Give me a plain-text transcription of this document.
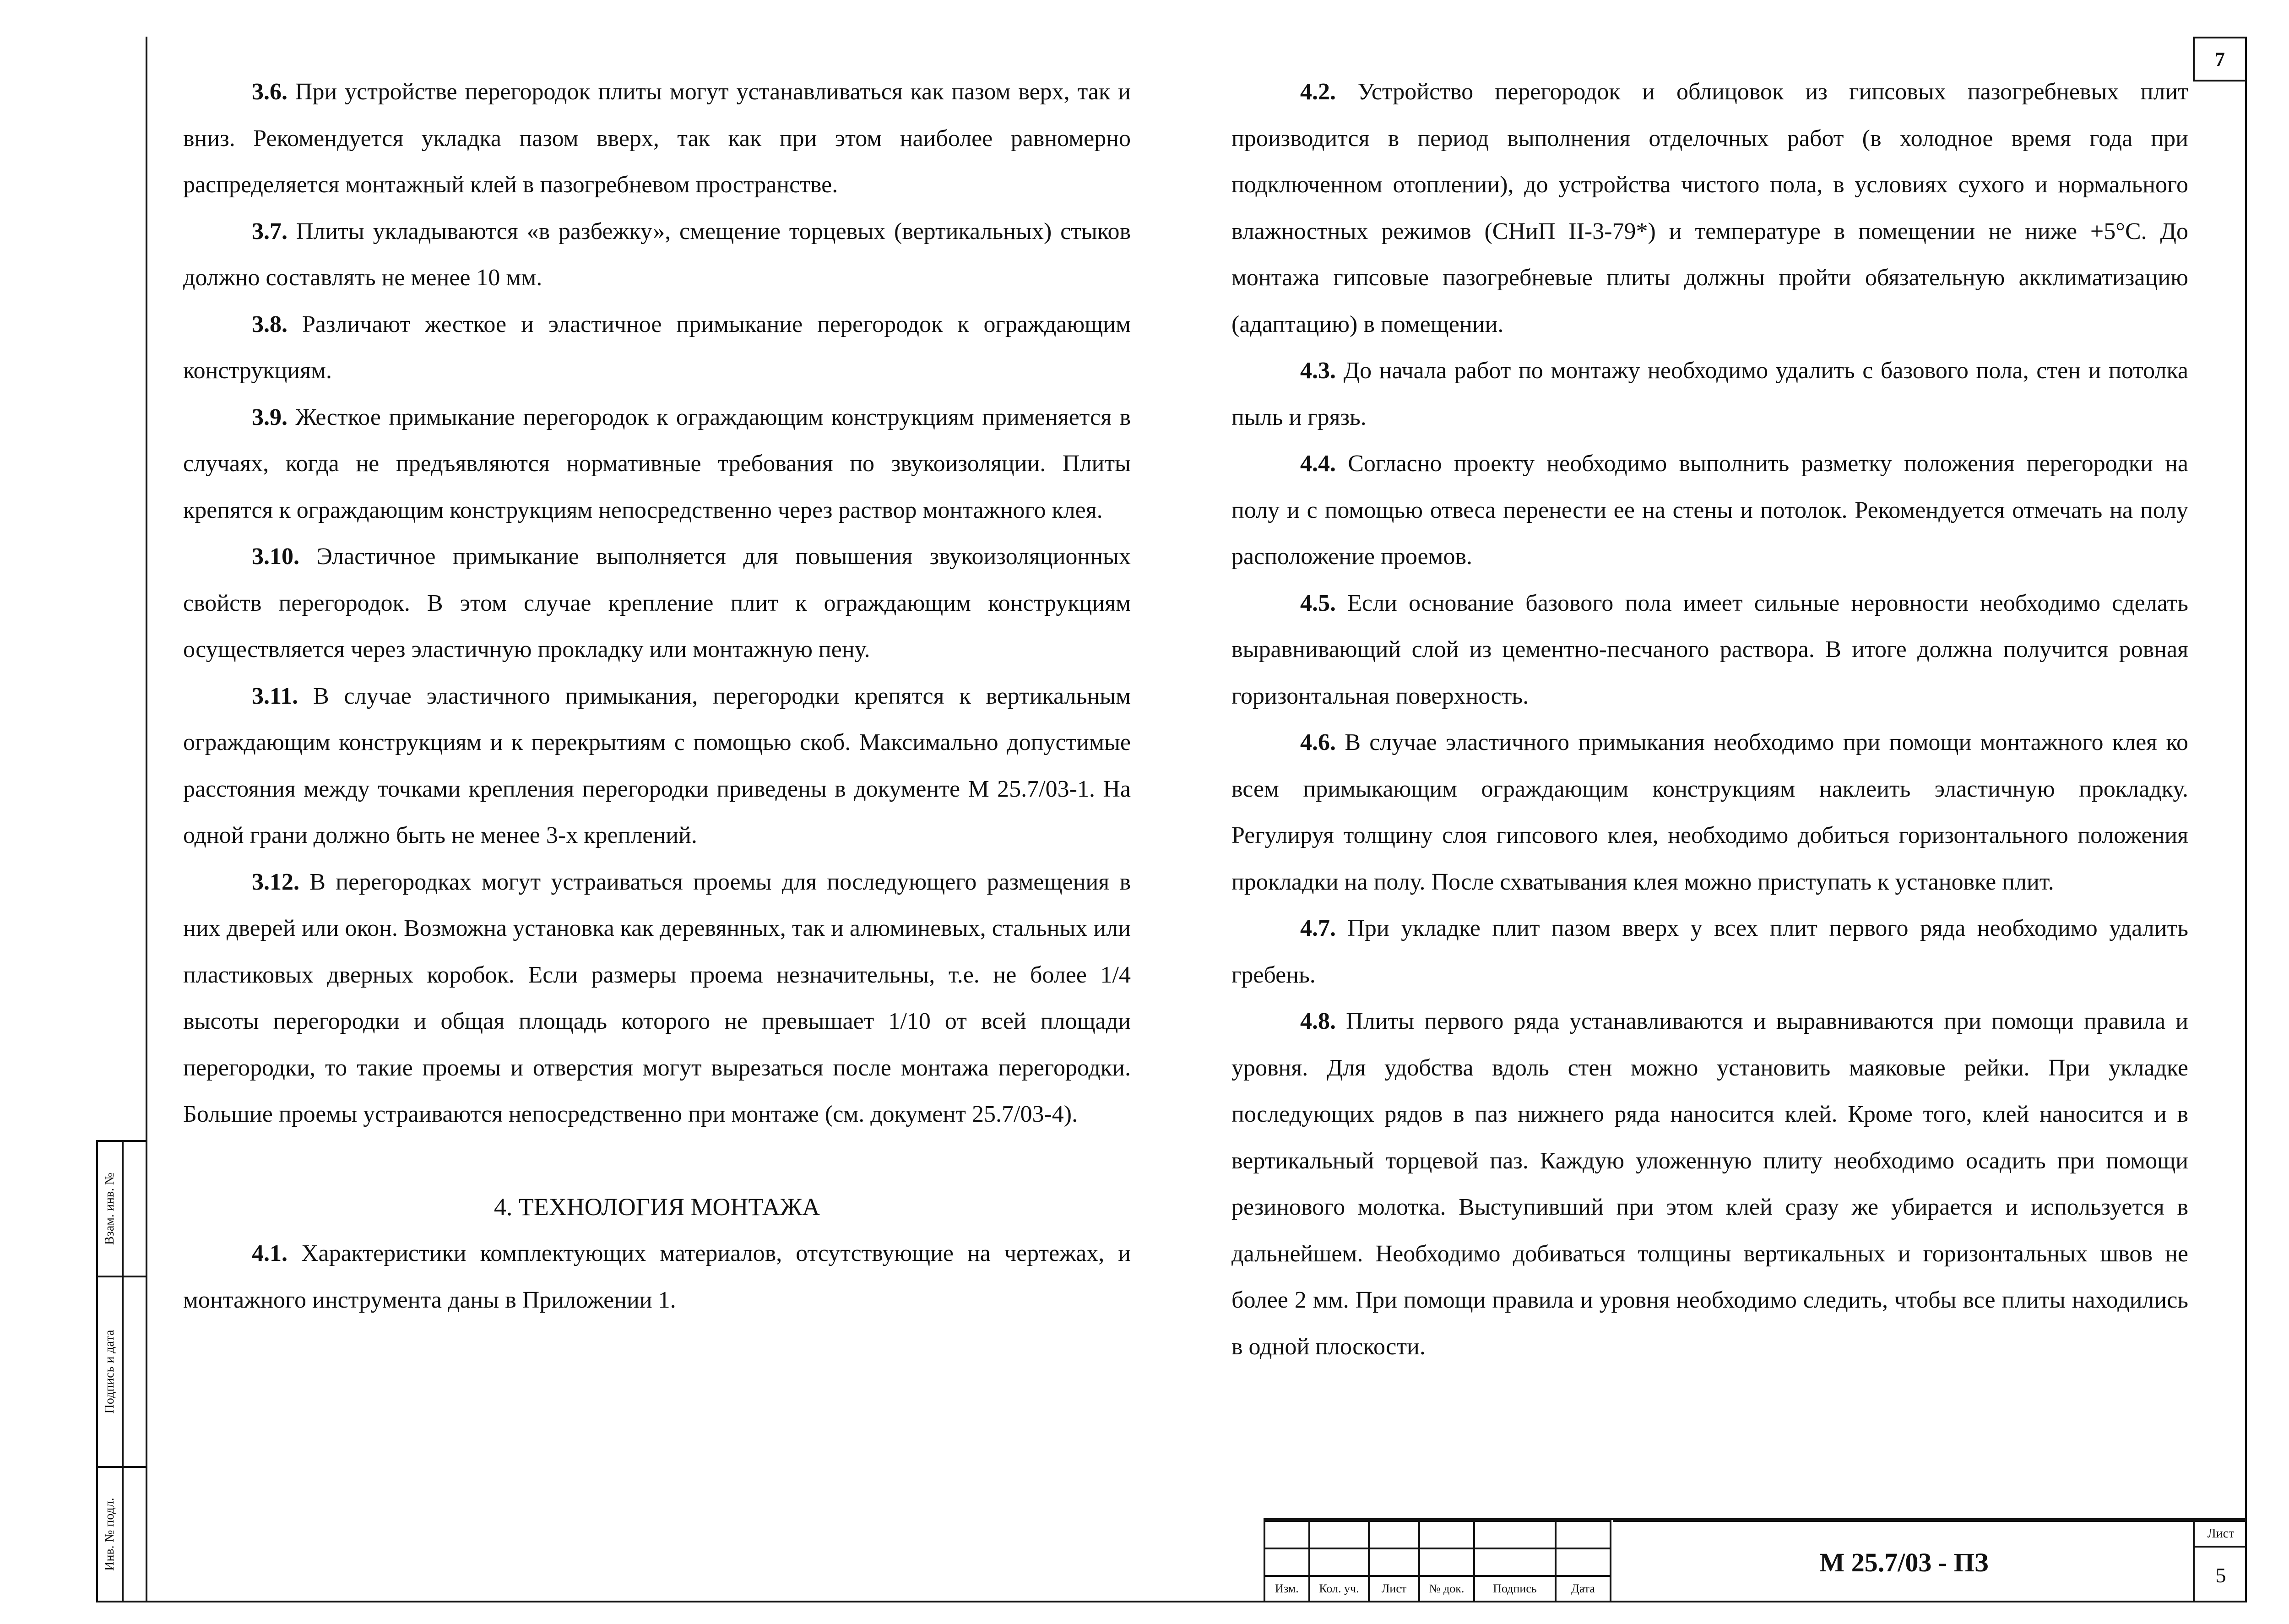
7

3.6. При устройстве перегородок плиты могут устанавливаться как пазом верх, так и вниз. Рекомендуется укладка пазом вверх, так как при этом наиболее равномерно распределяется монтажный клей в пазогребневом пространстве.

3.7. Плиты укладываются «в разбежку», смещение торцевых (вертикальных) стыков должно составлять не менее 10 мм.

3.8. Различают жесткое и эластичное примыкание перегородок к ограждающим конструкциям.

3.9. Жесткое примыкание перегородок к ограждающим конструкциям применяется в случаях, когда не предъявляются нормативные требования по звукоизоляции. Плиты крепятся к ограждающим конструкциям непосредственно через раствор монтажного клея.

3.10. Эластичное примыкание выполняется для повышения звукоизоляционных свойств перегородок. В этом случае крепление плит к ограждающим конструкциям осуществляется через эластичную прокладку или монтажную пену.

3.11. В случае эластичного примыкания, перегородки крепятся к вертикальным ограждающим конструкциям и к перекрытиям с помощью скоб. Максимально допустимые расстояния между точками крепления перегородки приведены в документе М 25.7/03-1. На одной грани должно быть не менее 3-х креплений.

3.12. В перегородках могут устраиваться проемы для последующего размещения в них дверей или окон. Возможна установка как деревянных, так и алюминевых, стальных или пластиковых дверных коробок. Если размеры проема незначительны, т.е. не более 1/4 высоты перегородки и общая площадь которого не превышает 1/10 от всей площади перегородки, то такие проемы и отверстия могут вырезаться после монтажа перегородки. Большие проемы устраиваются непосредственно при монтаже (см. документ 25.7/03-4).

4. ТЕХНОЛОГИЯ МОНТАЖА

4.1. Характеристики комплектующих материалов, отсутствующие на чертежах, и монтажного инструмента даны в Приложении 1.

4.2. Устройство перегородок и облицовок из гипсовых пазогребневых плит производится в период выполнения отделочных работ (в холодное время года при подключенном отоплении), до устройства чистого пола, в условиях сухого и нормального влажностных режимов (СНиП II-3-79*) и температуре в помещении не ниже +5°С. До монтажа гипсовые пазогребневые плиты должны пройти обязательную акклиматизацию (адаптацию) в помещении.

4.3. До начала работ по монтажу необходимо удалить с базового пола, стен и потолка пыль и грязь.

4.4. Согласно проекту необходимо выполнить разметку положения перегородки на полу и с помощью отвеса перенести ее на стены и потолок. Рекомендуется отмечать на полу расположение проемов.

4.5. Если основание базового пола имеет сильные неровности необходимо сделать выравнивающий слой из цементно-песчаного раствора. В итоге должна получится ровная горизонтальная поверхность.

4.6. В случае эластичного примыкания необходимо при помощи монтажного клея ко всем примыкающим ограждающим конструкциям наклеить эластичную прокладку. Регулируя толщину слоя гипсового клея, необходимо добиться горизонтального положения прокладки на полу. После схватывания клея можно приступать к установке плит.

4.7. При укладке плит пазом вверх у всех плит первого ряда необходимо удалить гребень.

4.8. Плиты первого ряда устанавливаются и выравниваются при помощи правила и уровня. Для удобства вдоль стен можно установить маяковые рейки. При укладке последующих рядов в паз нижнего ряда наносится клей. Кроме того, клей наносится и в вертикальный торцевой паз. Каждую уложенную плиту необходимо осадить при помощи резинового молотка. Выступивший при этом клей сразу же убирается и используется в дальнейшем. Необходимо добиваться толщины вертикальных и горизонтальных швов не более 2 мм. При помощи правила и уровня необходимо следить, чтобы все плиты находились в одной плоскости.

Взам. инв. №
Подпись и дата
Инв. № подл.
Изм.	Кол. уч.	Лист	№ док.	Подпись	Дата
М 25.7/03 - ПЗ
Лист
5
